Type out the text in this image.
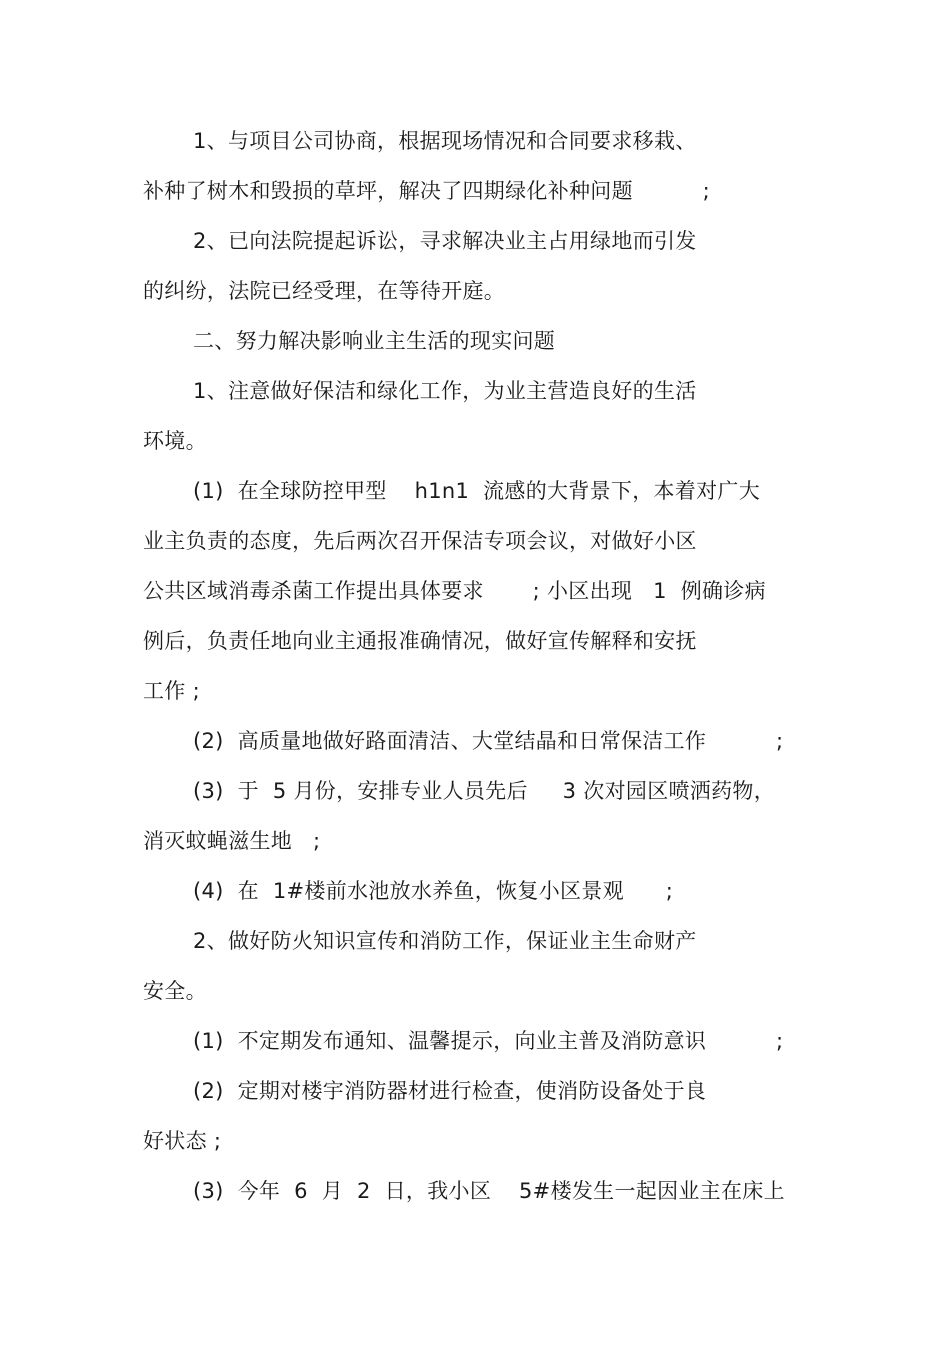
1、与项目公司协商，根据现场情况和合同要求移栽、
补种了树木和毁损的草坪，解决了四期绿化补种问题          ;
2、已向法院提起诉讼，寻求解决业主占用绿地而引发
的纠纷，法院已经受理，在等待开庭。
二、努力解决影响业主生活的现实问题
1、注意做好保洁和绿化工作，为业主营造良好的生活
环境。
(1)  在全球防控甲型    h1n1  流感的大背景下，本着对广大
业主负责的态度，先后两次召开保洁专项会议，对做好小区
公共区域消毒杀菌工作提出具体要求       ; 小区出现   1  例确诊病
例后，负责任地向业主通报准确情况，做好宣传解释和安抚
工作 ;
(2)  高质量地做好路面清洁、大堂结晶和日常保洁工作          ;
(3)  于  5 月份，安排专业人员先后     3 次对园区喷洒药物，
消灭蚊蝇滋生地   ;
(4)  在  1#楼前水池放水养鱼，恢复小区景观      ;
2、做好防火知识宣传和消防工作，保证业主生命财产
安全。
(1)  不定期发布通知、温馨提示，向业主普及消防意识          ;
(2)  定期对楼宇消防器材进行检查，使消防设备处于良
好状态 ;
(3)  今年  6  月  2  日，我小区    5#楼发生一起因业主在床上
